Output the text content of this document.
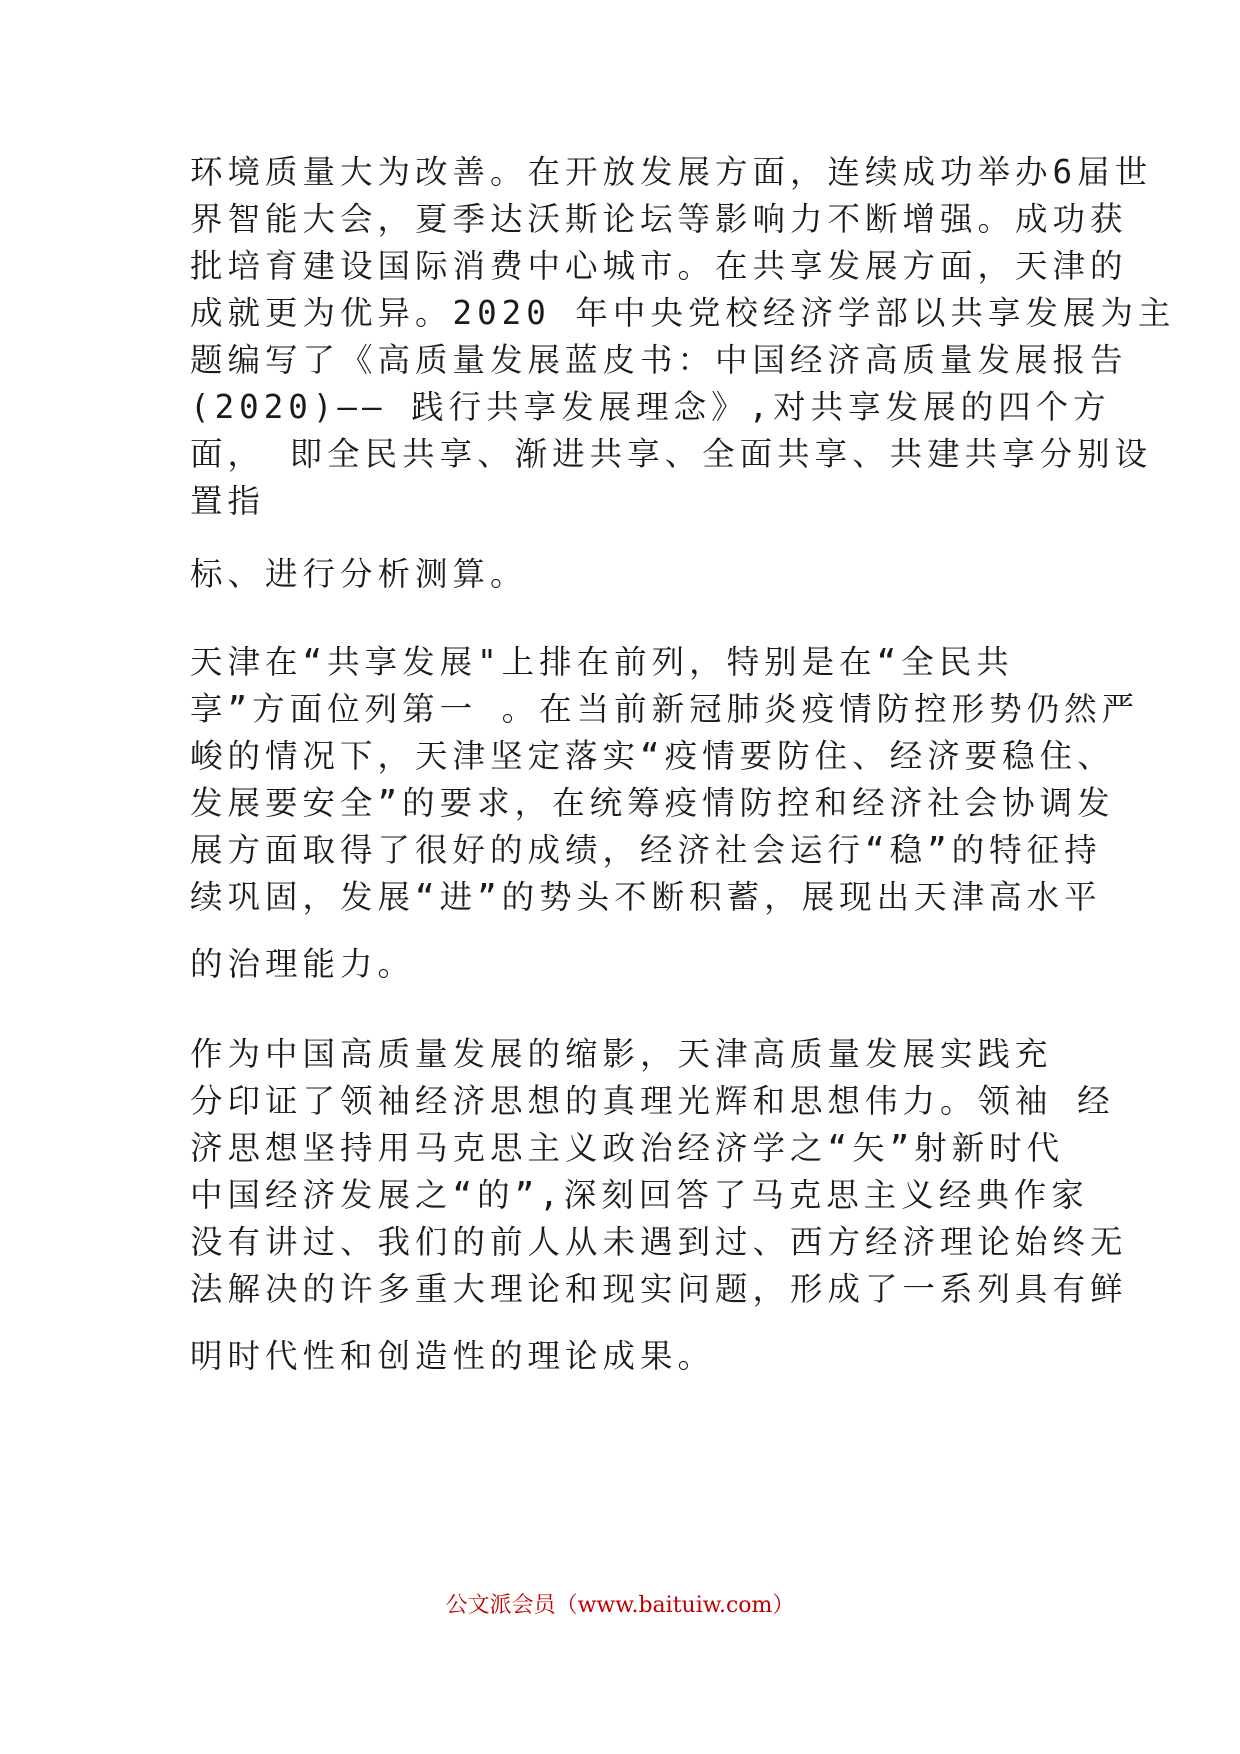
环境质量大为改善。在开放发展方面，连续成功举办6届世
界智能大会，夏季达沃斯论坛等影响力不断增强。成功获
批培育建设国际消费中心城市。在共享发展方面，天津的
成就更为优异。2020 年中央党校经济学部以共享发展为主
题编写了《高质量发展蓝皮书：中国经济高质量发展报告
(2020)—— 践行共享发展理念》,对共享发展的四个方
面， 即全民共享、渐进共享、全面共享、共建共享分别设
置指
标、进行分析测算。
天津在“共享发展"上排在前列，特别是在“全民共
享”方面位列第一 。在当前新冠肺炎疫情防控形势仍然严
峻的情况下，天津坚定落实“疫情要防住、经济要稳住、
发展要安全”的要求，在统筹疫情防控和经济社会协调发
展方面取得了很好的成绩，经济社会运行“稳”的特征持
续巩固，发展“进”的势头不断积蓄，展现出天津高水平
的治理能力。
作为中国高质量发展的缩影，天津高质量发展实践充
分印证了领袖经济思想的真理光辉和思想伟力。领袖 经
济思想坚持用马克思主义政治经济学之“矢”射新时代
中国经济发展之“的”,深刻回答了马克思主义经典作家
没有讲过、我们的前人从未遇到过、西方经济理论始终无
法解决的许多重大理论和现实问题，形成了一系列具有鲜
明时代性和创造性的理论成果。
公文派会员（www.baituiw.com）
